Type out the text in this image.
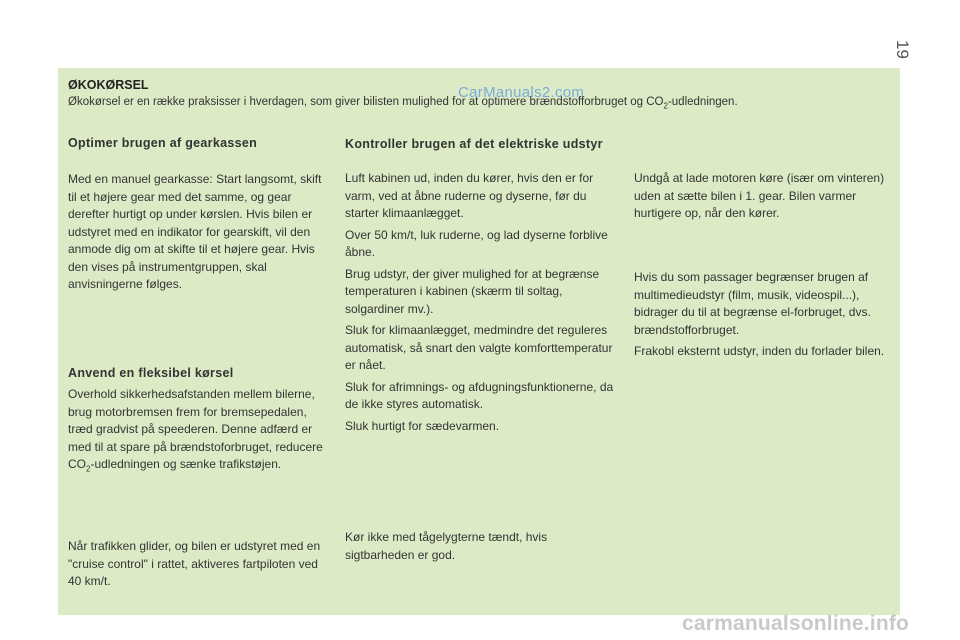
19
ØKOKØRSEL
Økokørsel er en række praksisser i hverdagen, som giver bilisten mulighed for at optimere brændstofforbruget og $CO_2$-udledningen.
CarManuals2.com
Optimer brugen af gearkassen

Med en manuel gearkasse: Start langsomt, skift til et højere gear med det samme, og gear derefter hurtigt op under kørslen. Hvis bilen er udstyret med en indikator for gearskift, vil den anmode dig om at skifte til et højere gear. Hvis den vises på instrumentgruppen, skal anvisningerne følges.

Anvend en fleksibel kørsel

Overhold sikkerhedsafstanden mellem bilerne, brug motorbremsen frem for bremsepedalen, træd gradvist på speederen. Denne adfærd er med til at spare på brændstoforbruget, reducere $CO_2$-udledningen og sænke trafikstøjen.

Når trafikken glider, og bilen er udstyret med en "cruise control" i rattet, aktiveres fartpiloten ved 40 km/t.

Kontroller brugen af det elektriske udstyr

Luft kabinen ud, inden du kører, hvis den er for varm, ved at åbne ruderne og dyserne, før du starter klimaanlægget.

Over 50 km/t, luk ruderne, og lad dyserne forblive åbne.

Brug udstyr, der giver mulighed for at begrænse temperaturen i kabinen (skærm til soltag, solgardiner mv.).

Sluk for klimaanlægget, medmindre det reguleres automatisk, så snart den valgte komforttemperatur er nået.

Sluk for afrimnings- og afdugningsfunktionerne, da de ikke styres automatisk.

Sluk hurtigt for sædevarmen.

Kør ikke med tågelygterne tændt, hvis sigtbarheden er god.

Undgå at lade motoren køre (især om vinteren) uden at sætte bilen i 1. gear. Bilen varmer hurtigere op, når den kører.

Hvis du som passager begrænser brugen af multimedieudstyr (film, musik, videospil...), bidrager du til at begrænse el-forbruget, dvs. brændstofforbruget.

Frakobl eksternt udstyr, inden du forlader bilen.

carmanualsonline.info
